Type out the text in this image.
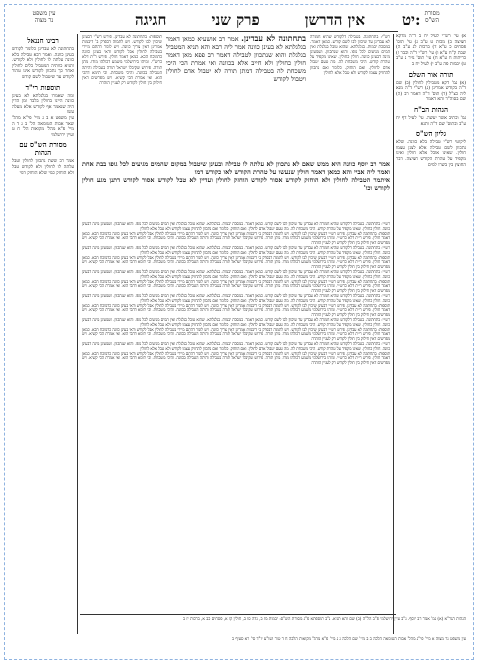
עין משפט
נר מצוה	אין הדרשן
פרק שני
חגיגה	יט: מסורת
הש"ס
א) עי' רש"י לעיל יח ב ד"ה מדקא חציצה ב) מכות ט ע"ב ג) עי' תוס' פסחים כ ע"א ד) ברכות לג ע"ב ה) שבת ק"ח ע"א ו) עי' רש"י ד"ה וכבר ז) כריתות ח ע"א ח) עי' תוס' נזיר נ ע"ב ט) יבמות פה ע"ב י) לעיל יח ב
תורה אור השלם
(א) גמ' דקא מטבילין לחולין (ב) שם ד"ה בקודש אמרינן (ג) רש"י ד"ה מנא ליה כצ"ל (ד) תוס' ד"ה דאמר רב (ה) שם בסוה"ד והא דאמר
הגהות הב"ח
גמ' וכתיב אשר יעשה. עי' לעיל דף יח ע"ב ובתוס' שם ד"ה ותנא
גליון הש"ס
ליקוטי רש"י טבילה בלא כוונה. שלא נתכוון לשם טבילה אלא לצנן עצמו חולין. שאינו אוכל אלא חולין ואינו מקפיד על טהרת הקודש חציצה. דבר החוצץ בין בשרו למים
רבינו חננאל
בתחתונה לא עבדינן כלומר לקודש בעינן כוונה. ואמר רבא טבילה בלא כוונה עלתה לו לחולין ולא לקודש. ותניא כוותיה המטביל כלים לחולין ואחר כך נתכוון לקודש אינו טהור לקודש עד שיטבול לשם קודש
תוספות רי"ד
ומה שאמרו בגלגלתא לא בעינן כוונה היינו בחולין בלבד ומן הדין היה שנאמר אף לקודש אלא מעלה עשו
עין משפט א ב ג מיי' פי"א מהל' שאר אבות הטומאה הל' ב ג ד ה מיי' פ"א מהל' מקואות הל' ח ט ועיין ירושלמי
מסורת הש"ס עם הגהות
אמר רב ששת נתכוון לחולין וטבל עלתה לו לחולין ולא לקודש טבל ולא הוחזק כמי שלא הוחזק דמי
רש"י: בתחתונה. בטבילה דלקודש שהיא חמורה לא עבדינן עד שיכוון לבו לשם קודש. כמאן דאמר. במסכת יבמות. בגלגלתא. שהוא טובל בגלגלת ואין המים מגיעים לכל גופו. והוא שנתכוון. ושמעינן מינה דבעינן כוונה. חולין כחולין. שאינו מקפיד על טהרת קודש. היכי משכחת לה. מה טעם יטבול אדם לחולין. ואם הוחזק. כלומר ואם נתכוון להחזיק עצמו לקודש ולא טבל אלא לחולין
תוספות: בתחתונה לא עבדינן. פירש רש"י דבעינן שיכוין לבו לקודש. ויש לתמוה דבפרק ב' דיבמות אמרינן דאין צריך כוונה. ויש לומר דהתם מיירי בטבילה לחולין אבל לקודש ודאי בעינן כוונה כדמוכח הכא. כמאן דאמר חולין. פירש ר"ת דלא כרש"י. ומיהו בירושלמי משמע דכולהו מודו. מתן תורה. פירוש שקיבלו ישראל תורה בטבילה והיתה הטבילה בכוונה. והיכי משכחת. וכי תימא דהכי הוא. ואי אמרת הכי קשיא. ויש מפרשים דאין חילוק בין חולין לקודש רק לעניין הזהרה
בתחתונה לא עבדינן. אמר רב אושעיא כמאן דאמר בגלגלתא לא בעינן כוונה אמר ליה רבא והא תניא המטביל בגלגלת והוא שנתכוון לטבילה דאמר רב פפא מאן דאמר חולין כחולין ולא חייב אלא בכוונה ואי אמרת הכי היכי משכחת לה בטבילה דמתן תורה לא יטבול אדם לחולין ויטבול לקודש
אמר רב יוסף כוונה היא ממש שאם לא נתכוון לא עלתה לו טבילה ובעינן שיטבול במקום שהמים מגיעים לכל גופו בבת אחת ואמר ליה אביי והא כמאן דאמר חולין שנעשו על טהרת הקודש לאו כקודש דמו
איתמר הטבילה לחולין ולא הוחזק לקודש אסור לקודש הוחזק לחולין ועדיין לא טבל לקודש אסור לקודש דתנן מגע חולין לקודש וכו'
רש"י: בתחתונה. בטבילה דלקודש שהיא חמורה לא עבדינן עד שיכוון לבו לשם קודש. כמאן דאמר. במסכת יבמות. בגלגלתא. שהוא טובל בגלגלת ואין המים מגיעים לכל גופו. והוא שנתכוון. ושמעינן מינה דבעינן כוונה. חולין כחולין. שאינו מקפיד על טהרת קודש. היכי משכחת לה. מה טעם יטבול אדם לחולין. ואם הוחזק. כלומר ואם נתכוון להחזיק עצמו לקודש ולא טבל אלא לחולין
תוספות: בתחתונה לא עבדינן. פירש רש"י דבעינן שיכוין לבו לקודש. ויש לתמוה דבפרק ב' דיבמות אמרינן דאין צריך כוונה. ויש לומר דהתם מיירי בטבילה לחולין אבל לקודש ודאי בעינן כוונה כדמוכח הכא. כמאן דאמר חולין. פירש ר"ת דלא כרש"י. ומיהו בירושלמי משמע דכולהו מודו. מתן תורה. פירוש שקיבלו ישראל תורה בטבילה והיתה הטבילה בכוונה. והיכי משכחת. וכי תימא דהכי הוא. ואי אמרת הכי קשיא. ויש מפרשים דאין חילוק בין חולין לקודש רק לעניין הזהרה
רש"י: בתחתונה. בטבילה דלקודש שהיא חמורה לא עבדינן עד שיכוון לבו לשם קודש. כמאן דאמר. במסכת יבמות. בגלגלתא. שהוא טובל בגלגלת ואין המים מגיעים לכל גופו. והוא שנתכוון. ושמעינן מינה דבעינן כוונה. חולין כחולין. שאינו מקפיד על טהרת קודש. היכי משכחת לה. מה טעם יטבול אדם לחולין. ואם הוחזק. כלומר ואם נתכוון להחזיק עצמו לקודש ולא טבל אלא לחולין
תוספות: בתחתונה לא עבדינן. פירש רש"י דבעינן שיכוין לבו לקודש. ויש לתמוה דבפרק ב' דיבמות אמרינן דאין צריך כוונה. ויש לומר דהתם מיירי בטבילה לחולין אבל לקודש ודאי בעינן כוונה כדמוכח הכא. כמאן דאמר חולין. פירש ר"ת דלא כרש"י. ומיהו בירושלמי משמע דכולהו מודו. מתן תורה. פירוש שקיבלו ישראל תורה בטבילה והיתה הטבילה בכוונה. והיכי משכחת. וכי תימא דהכי הוא. ואי אמרת הכי קשיא. ויש מפרשים דאין חילוק בין חולין לקודש רק לעניין הזהרה
רש"י: בתחתונה. בטבילה דלקודש שהיא חמורה לא עבדינן עד שיכוון לבו לשם קודש. כמאן דאמר. במסכת יבמות. בגלגלתא. שהוא טובל בגלגלת ואין המים מגיעים לכל גופו. והוא שנתכוון. ושמעינן מינה דבעינן כוונה. חולין כחולין. שאינו מקפיד על טהרת קודש. היכי משכחת לה. מה טעם יטבול אדם לחולין. ואם הוחזק. כלומר ואם נתכוון להחזיק עצמו לקודש ולא טבל אלא לחולין
תוספות: בתחתונה לא עבדינן. פירש רש"י דבעינן שיכוין לבו לקודש. ויש לתמוה דבפרק ב' דיבמות אמרינן דאין צריך כוונה. ויש לומר דהתם מיירי בטבילה לחולין אבל לקודש ודאי בעינן כוונה כדמוכח הכא. כמאן דאמר חולין. פירש ר"ת דלא כרש"י. ומיהו בירושלמי משמע דכולהו מודו. מתן תורה. פירוש שקיבלו ישראל תורה בטבילה והיתה הטבילה בכוונה. והיכי משכחת. וכי תימא דהכי הוא. ואי אמרת הכי קשיא. ויש מפרשים דאין חילוק בין חולין לקודש רק לעניין הזהרה
רש"י: בתחתונה. בטבילה דלקודש שהיא חמורה לא עבדינן עד שיכוון לבו לשם קודש. כמאן דאמר. במסכת יבמות. בגלגלתא. שהוא טובל בגלגלת ואין המים מגיעים לכל גופו. והוא שנתכוון. ושמעינן מינה דבעינן כוונה. חולין כחולין. שאינו מקפיד על טהרת קודש. היכי משכחת לה. מה טעם יטבול אדם לחולין. ואם הוחזק. כלומר ואם נתכוון להחזיק עצמו לקודש ולא טבל אלא לחולין
תוספות: בתחתונה לא עבדינן. פירש רש"י דבעינן שיכוין לבו לקודש. ויש לתמוה דבפרק ב' דיבמות אמרינן דאין צריך כוונה. ויש לומר דהתם מיירי בטבילה לחולין אבל לקודש ודאי בעינן כוונה כדמוכח הכא. כמאן דאמר חולין. פירש ר"ת דלא כרש"י. ומיהו בירושלמי משמע דכולהו מודו. מתן תורה. פירוש שקיבלו ישראל תורה בטבילה והיתה הטבילה בכוונה. והיכי משכחת. וכי תימא דהכי הוא. ואי אמרת הכי קשיא. ויש מפרשים דאין חילוק בין חולין לקודש רק לעניין הזהרה
רש"י: בתחתונה. בטבילה דלקודש שהיא חמורה לא עבדינן עד שיכוון לבו לשם קודש. כמאן דאמר. במסכת יבמות. בגלגלתא. שהוא טובל בגלגלת ואין המים מגיעים לכל גופו. והוא שנתכוון. ושמעינן מינה דבעינן כוונה. חולין כחולין. שאינו מקפיד על טהרת קודש. היכי משכחת לה. מה טעם יטבול אדם לחולין. ואם הוחזק. כלומר ואם נתכוון להחזיק עצמו לקודש ולא טבל אלא לחולין
תוספות: בתחתונה לא עבדינן. פירש רש"י דבעינן שיכוין לבו לקודש. ויש לתמוה דבפרק ב' דיבמות אמרינן דאין צריך כוונה. ויש לומר דהתם מיירי בטבילה לחולין אבל לקודש ודאי בעינן כוונה כדמוכח הכא. כמאן דאמר חולין. פירש ר"ת דלא כרש"י. ומיהו בירושלמי משמע דכולהו מודו. מתן תורה. פירוש שקיבלו ישראל תורה בטבילה והיתה הטבילה בכוונה. והיכי משכחת. וכי תימא דהכי הוא. ואי אמרת הכי קשיא. ויש מפרשים דאין חילוק בין חולין לקודש רק לעניין הזהרה
רש"י: בתחתונה. בטבילה דלקודש שהיא חמורה לא עבדינן עד שיכוון לבו לשם קודש. כמאן דאמר. במסכת יבמות. בגלגלתא. שהוא טובל בגלגלת ואין המים מגיעים לכל גופו. והוא שנתכוון. ושמעינן מינה דבעינן כוונה. חולין כחולין. שאינו מקפיד על טהרת קודש. היכי משכחת לה. מה טעם יטבול אדם לחולין. ואם הוחזק. כלומר ואם נתכוון להחזיק עצמו לקודש ולא טבל אלא לחולין
תוספות: בתחתונה לא עבדינן. פירש רש"י דבעינן שיכוין לבו לקודש. ויש לתמוה דבפרק ב' דיבמות אמרינן דאין צריך כוונה. ויש לומר דהתם מיירי בטבילה לחולין אבל לקודש ודאי בעינן כוונה כדמוכח הכא. כמאן דאמר חולין. פירש ר"ת דלא כרש"י. ומיהו בירושלמי משמע דכולהו מודו. מתן תורה. פירוש שקיבלו ישראל תורה בטבילה והיתה הטבילה בכוונה. והיכי משכחת. וכי תימא דהכי הוא. ואי אמרת הכי קשיא. ויש מפרשים דאין חילוק בין חולין לקודש רק לעניין הזהרה
הגהות הגר"א (א) גמ' אמר רב יוסף. נ"ב עיין ירושלמי פ"ב הל"ה (ב) שם והא תניא. נ"ב תוספתא פ"ג מסורת הש"ס: יבמות מז ב, נדה סו ב, חולין קו א, פסחים כב א, ברכות יז ב
עין משפט נר מצוה א מיי' פי"ג מהל' אבות הטומאה הלכה ב ב מיי' שם הלכה ג ג מיי' פ"א מהל' מקואות הלכה ח ד טור ושו"ע יו"ד סי' רא סעיף ב
